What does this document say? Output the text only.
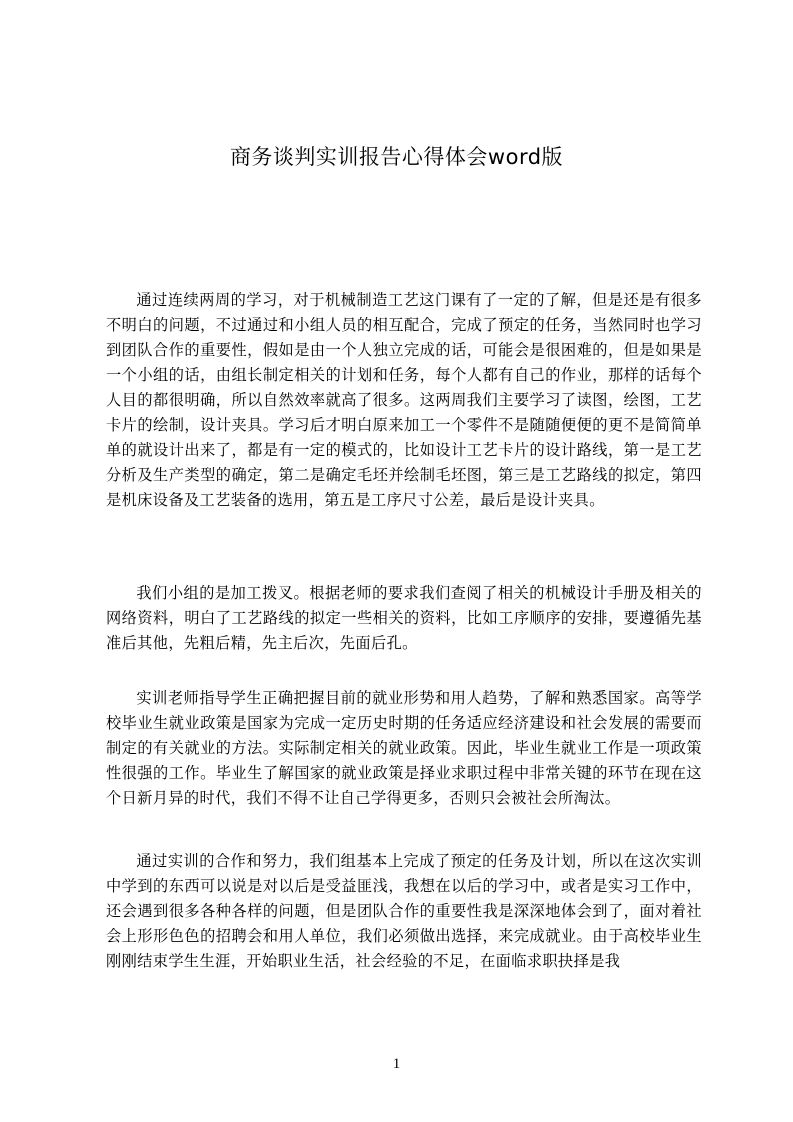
商务谈判实训报告心得体会word版

通过连续两周的学习，对于机械制造工艺这门课有了一定的了解，但是还是有很多不明白的问题，不过通过和小组人员的相互配合，完成了预定的任务，当然同时也学习到团队合作的重要性，假如是由一个人独立完成的话，可能会是很困难的，但是如果是一个小组的话，由组长制定相关的计划和任务，每个人都有自己的作业，那样的话每个人目的都很明确，所以自然效率就高了很多。这两周我们主要学习了读图，绘图，工艺卡片的绘制，设计夹具。学习后才明白原来加工一个零件不是随随便便的更不是简简单单的就设计出来了，都是有一定的模式的，比如设计工艺卡片的设计路线，第一是工艺分析及生产类型的确定，第二是确定毛坯并绘制毛坯图，第三是工艺路线的拟定，第四是机床设备及工艺装备的选用，第五是工序尺寸公差，最后是设计夹具。

我们小组的是加工拨叉。根据老师的要求我们查阅了相关的机械设计手册及相关的网络资料，明白了工艺路线的拟定一些相关的资料，比如工序顺序的安排，要遵循先基准后其他，先粗后精，先主后次，先面后孔。

实训老师指导学生正确把握目前的就业形势和用人趋势，了解和熟悉国家。高等学校毕业生就业政策是国家为完成一定历史时期的任务适应经济建设和社会发展的需要而制定的有关就业的方法。实际制定相关的就业政策。因此，毕业生就业工作是一项政策性很强的工作。毕业生了解国家的就业政策是择业求职过程中非常关键的环节在现在这个日新月异的时代，我们不得不让自己学得更多，否则只会被社会所淘汰。

通过实训的合作和努力，我们组基本上完成了预定的任务及计划，所以在这次实训中学到的东西可以说是对以后是受益匪浅，我想在以后的学习中，或者是实习工作中，还会遇到很多各种各样的问题，但是团队合作的重要性我是深深地体会到了，面对着社会上形形色色的招聘会和用人单位，我们必须做出选择，来完成就业。由于高校毕业生刚刚结束学生生涯，开始职业生活，社会经验的不足，在面临求职抉择是我

1
